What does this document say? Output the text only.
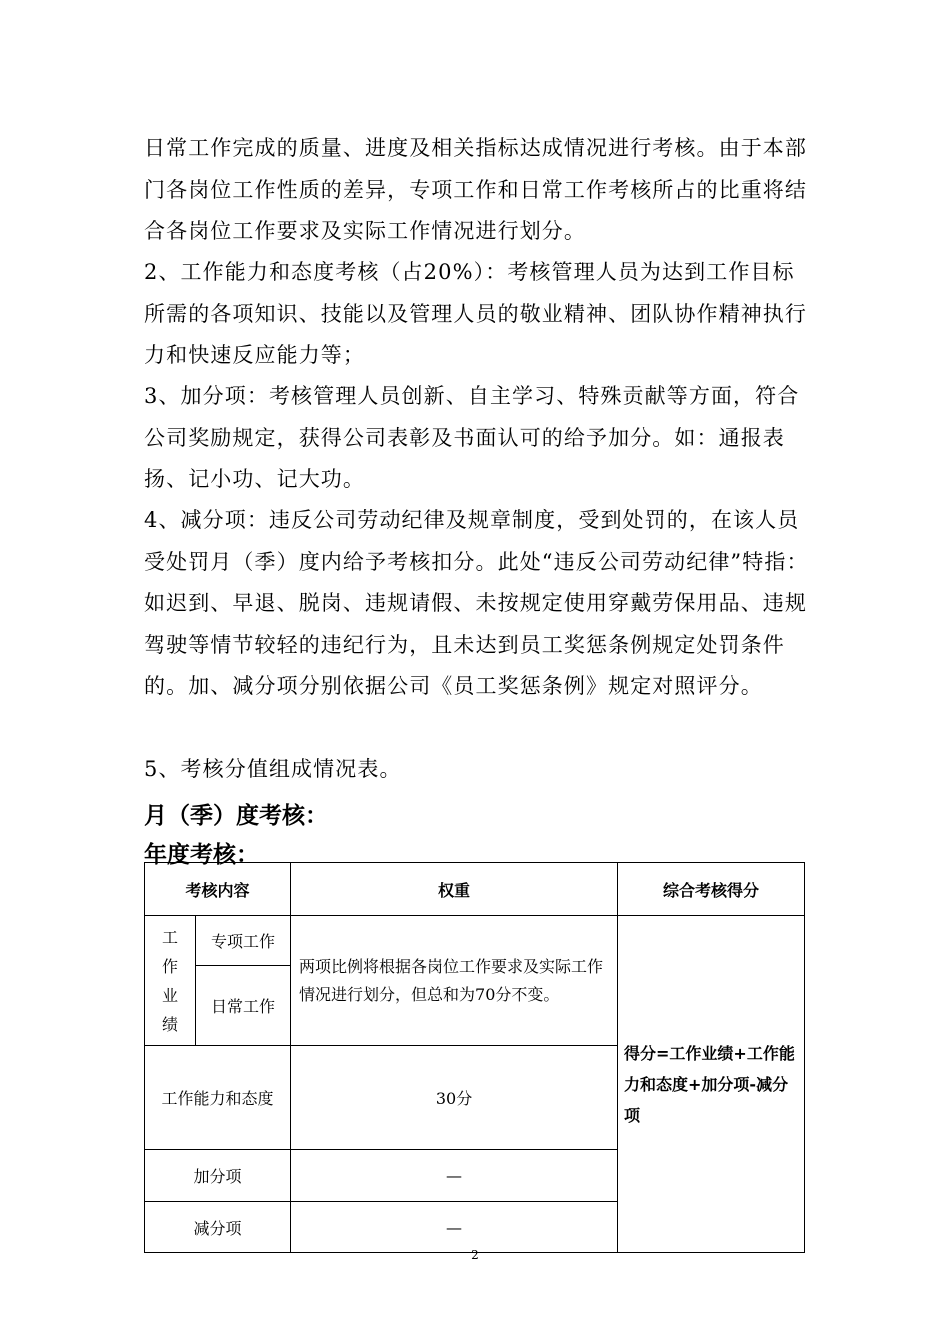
日常工作完成的质量、进度及相关指标达成情况进行考核。由于本部门各岗位工作性质的差异，专项工作和日常工作考核所占的比重将结合各岗位工作要求及实际工作情况进行划分。

2、工作能力和态度考核（占20%）：考核管理人员为达到工作目标所需的各项知识、技能以及管理人员的敬业精神、团队协作精神执行力和快速反应能力等；

3、加分项：考核管理人员创新、自主学习、特殊贡献等方面，符合公司奖励规定，获得公司表彰及书面认可的给予加分。如：通报表扬、记小功、记大功。

4、减分项：违反公司劳动纪律及规章制度，受到处罚的，在该人员受处罚月（季）度内给予考核扣分。此处“违反公司劳动纪律”特指：如迟到、早退、脱岗、违规请假、未按规定使用穿戴劳保用品、违规驾驶等情节较轻的违纪行为，且未达到员工奖惩条例规定处罚条件的。加、减分项分别依据公司《员工奖惩条例》规定对照评分。

5、考核分值组成情况表。

月（季）度考核：

年度考核：

考核内容		权重	综合考核得分

工
作
业
绩	专项工作	两项比例将根据各岗位工作要求及实际工作情况进行划分，但总和为70分不变。	得分=工作业绩+工作能力和态度+加分项-减分项
	日常工作		
工作能力和态度		30分	
加分项		—	
减分项		—	
2
